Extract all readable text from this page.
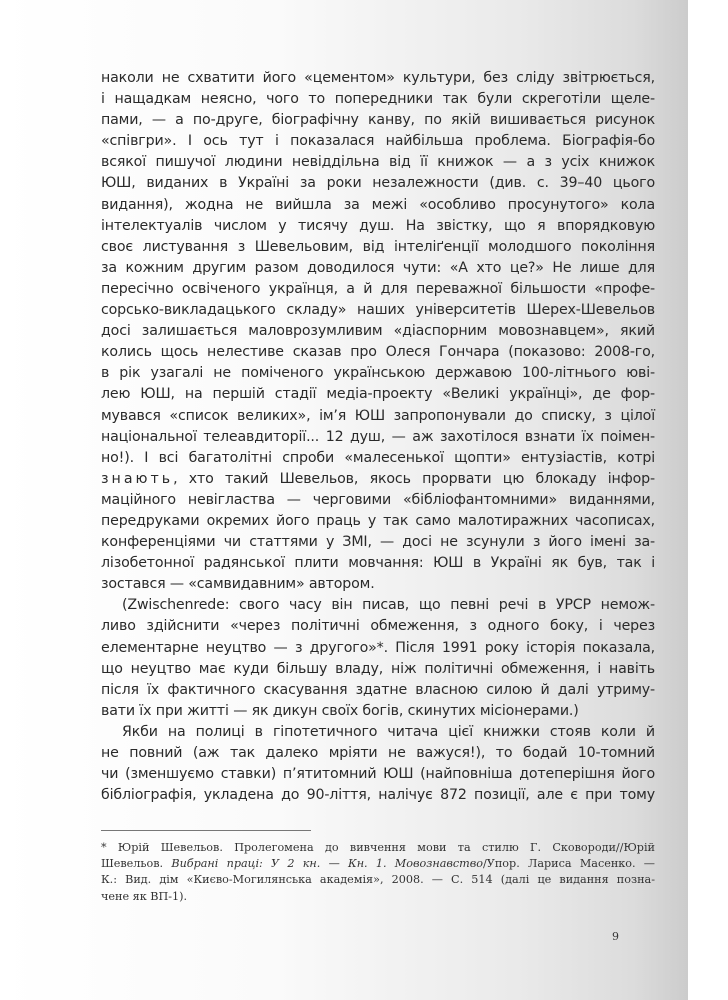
наколи не схватити його «цементом» культури, без сліду звітрюється,
і нащадкам неясно, чого то попередники так були скреготіли щеле-
пами, — а по-друге, біографічну канву, по якій вишивається рисунок
«співгри». І ось тут і показалася найбільша проблема. Біографія-бо
всякої пишучої людини невіддільна від її книжок — а з усіх книжок
ЮШ, виданих в Україні за роки незалежности (див. с. 39–40 цього
видання), жодна не вийшла за межі «особливо просунутого» кола
інтелектуалів числом у тисячу душ. На звістку, що я впорядковую
своє листування з Шевельовим, від інтеліґенції молодшого покоління
за кожним другим разом доводилося чути: «А хто це?» Не лише для
пересічно освіченого українця, а й для переважної більшости «профе-
сорсько-викладацького складу» наших університетів Шерех-Шевельов
досі залишається маловрозумливим «діаспорним мовознавцем», який
колись щось нелестиве сказав про Олеся Гончара (показово: 2008-го,
в рік узагалі не поміченого українською державою 100-літнього юві-
лею ЮШ, на першій стадії медіа-проекту «Великі українці», де фор-
мувався «список великих», ім’я ЮШ запропонували до списку, з цілої
національної телеавдиторії... 12 душ, — аж захотілося взнати їх поімен-
но!). І всі багатолітні спроби «малесенької щопти» ентузіастів, котрі
знають, хто такий Шевельов, якось прорвати цю блокаду інфор-
маційного невігластва — черговими «бібліофантомними» виданнями,
передруками окремих його праць у так само малотиражних часописах,
конференціями чи статтями у ЗМІ, — досі не зсунули з його імені за-
лізобетонної радянської плити мовчання: ЮШ в Україні як був, так і
зостався — «самвидавним» автором.
(Zwischenrede: свого часу він писав, що певні речі в УРСР немож-
ливо здійснити «через політичні обмеження, з одного боку, і через
елементарне неуцтво — з другого»*. Після 1991 року історія показала,
що неуцтво має куди більшу владу, ніж політичні обмеження, і навіть
після їх фактичного скасування здатне власною силою й далі утриму-
вати їх при житті — як дикун своїх богів, скинутих місіонерами.)
Якби на полиці в гіпотетичного читача цієї книжки стояв коли й
не повний (аж так далеко мріяти не важуся!), то бодай 10-томний
чи (зменшуємо ставки) п’ятитомний ЮШ (найповніша дотеперішня його
бібліографія, укладена до 90-ліття, налічує 872 позиції, але є при тому
* Юрій Шевельов. Пролегомена до вивчення мови та стилю Г. Сковороди//Юрій
Шевельов. Вибрані праці: У 2 кн. — Кн. 1. Мовознавство/Упор. Лариса Масенко. —
К.: Вид. дім «Києво-Могилянська академія», 2008. — С. 514 (далі це видання позна-
чене як ВП-1).
9
